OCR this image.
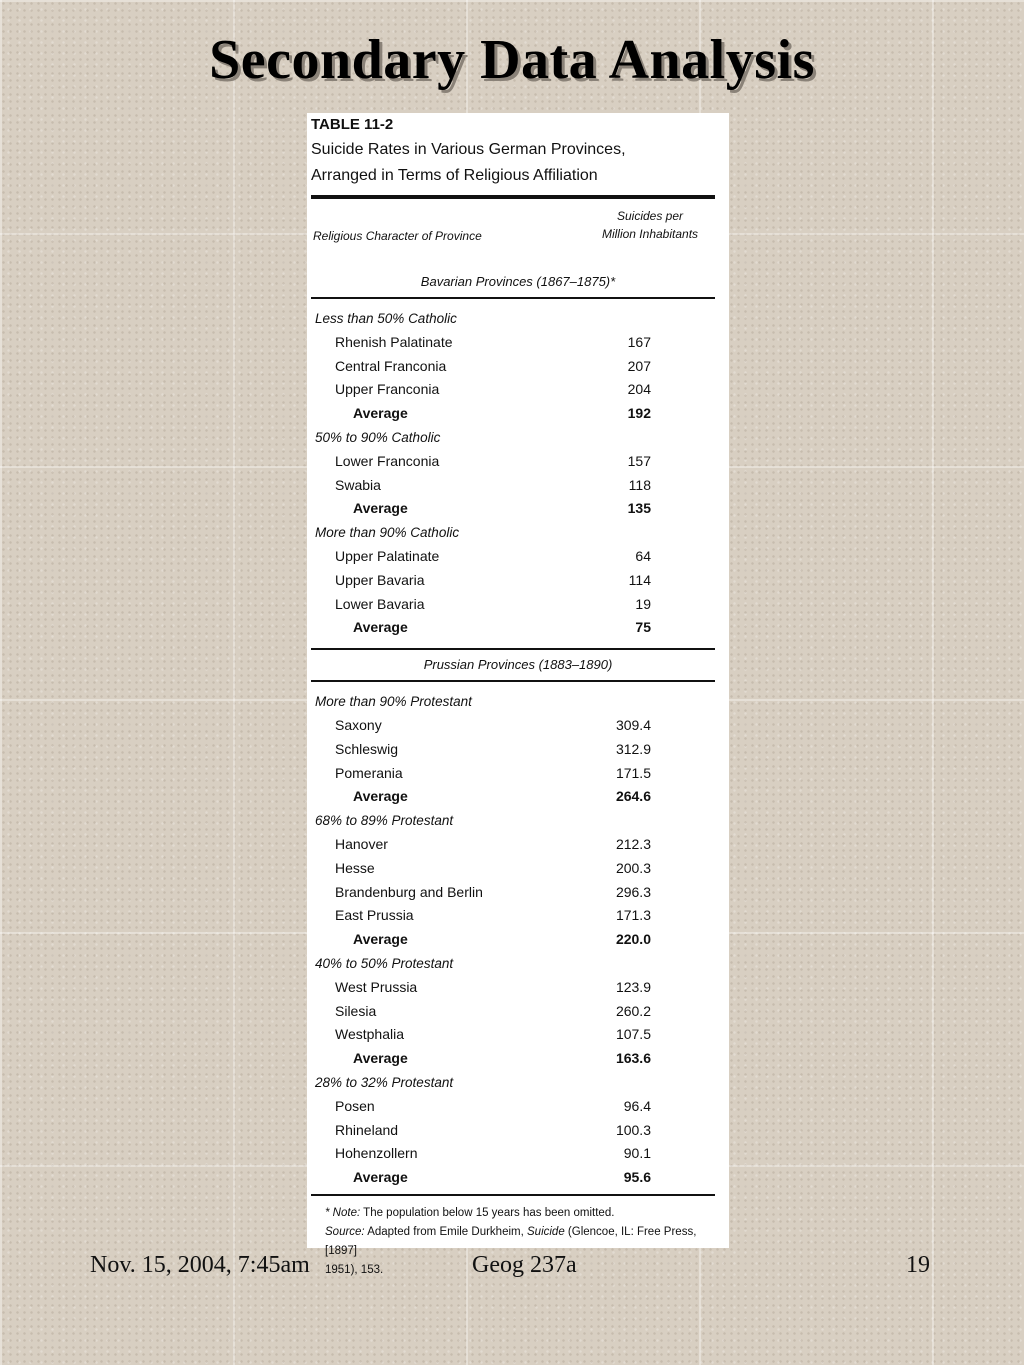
Secondary Data Analysis
TABLE 11-2
Suicide Rates in Various German Provinces,
Arranged in Terms of Religious Affiliation
Religious Character of Province
Suicides per
Million Inhabitants
Bavarian Provinces (1867–1875)*
Less than 50% Catholic
Rhenish Palatinate	167
Central Franconia	207
Upper Franconia	204
Average	192
50% to 90% Catholic
Lower Franconia	157
Swabia	118
Average	135
More than 90% Catholic
Upper Palatinate	64
Upper Bavaria	114
Lower Bavaria	19
Average	75
Prussian Provinces (1883–1890)
More than 90% Protestant
Saxony	309.4
Schleswig	312.9
Pomerania	171.5
Average	264.6
68% to 89% Protestant
Hanover	212.3
Hesse	200.3
Brandenburg and Berlin	296.3
East Prussia	171.3
Average	220.0
40% to 50% Protestant
West Prussia	123.9
Silesia	260.2
Westphalia	107.5
Average	163.6
28% to 32% Protestant
Posen	96.4
Rhineland	100.3
Hohenzollern	90.1
Average	95.6
* Note: The population below 15 years has been omitted.
Source: Adapted from Emile Durkheim, Suicide (Glencoe, IL: Free Press, [1897]
1951), 153.
Nov. 15, 2004, 7:45am	Geog 237a	19
